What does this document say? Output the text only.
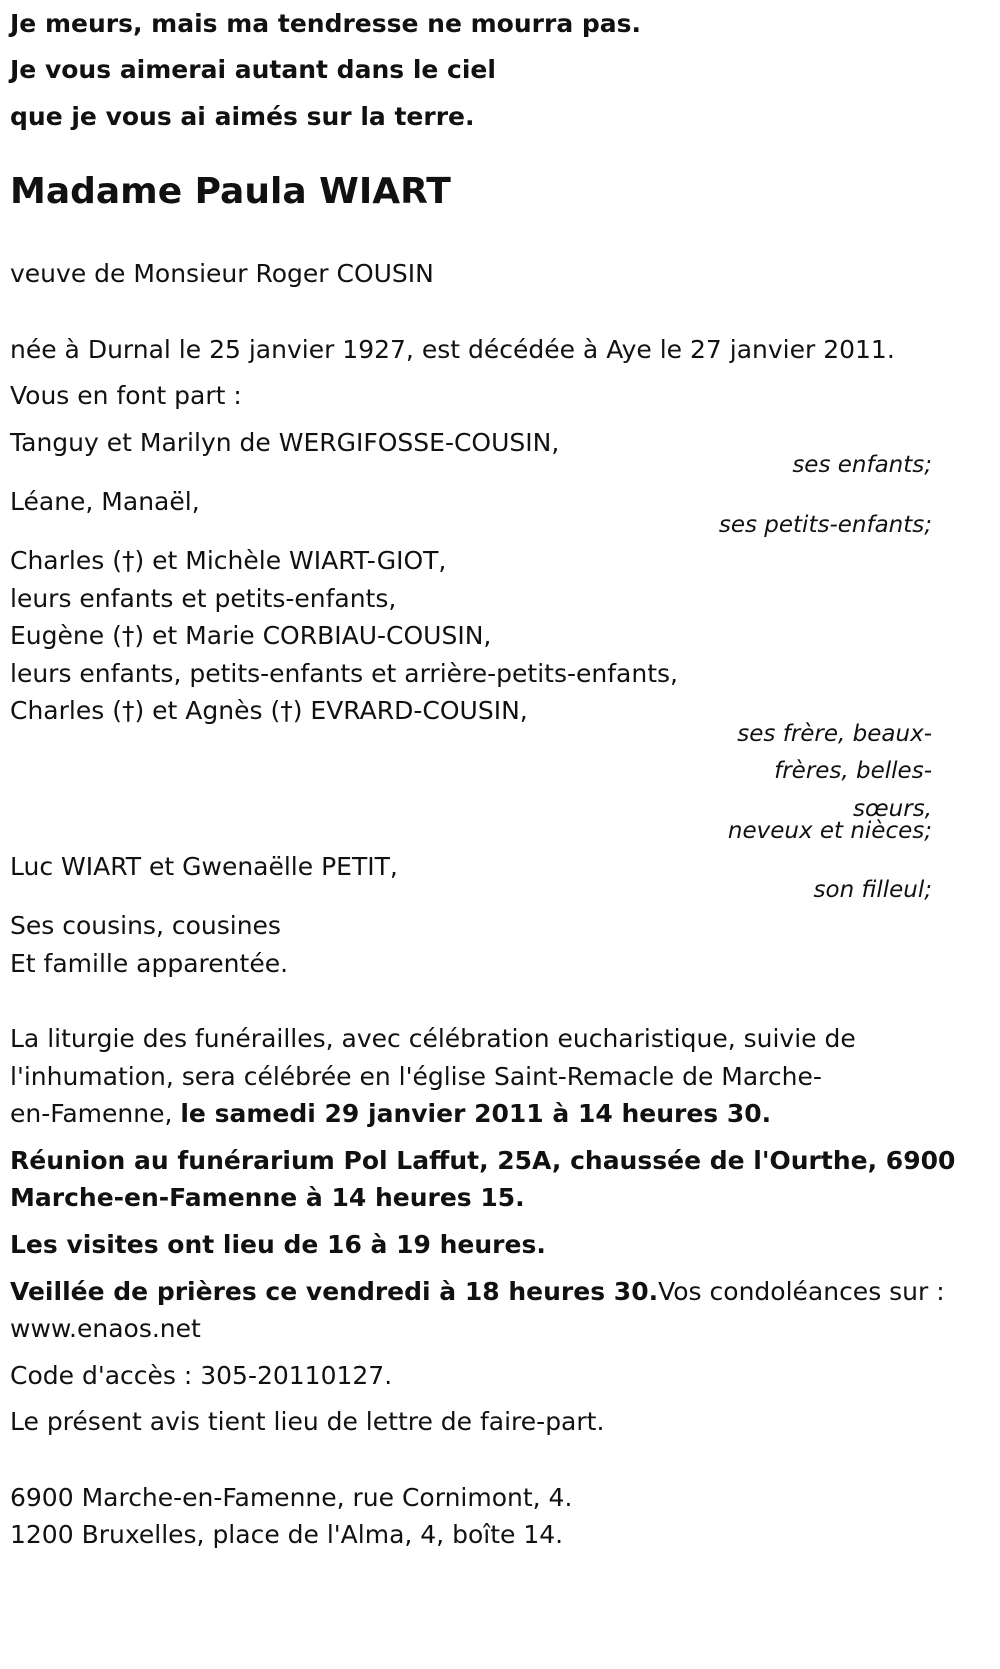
Je meurs, mais ma tendresse ne mourra pas.

Je vous aimerai autant dans le ciel

que je vous ai aimés sur la terre.

Madame Paula WIART

veuve de Monsieur Roger COUSIN

née à Durnal le 25 janvier 1927, est décédée à Aye le 27 janvier 2011.

Vous en font part :

Tanguy et Marilyn de WERGIFOSSE-COUSIN,

ses enfants;

Léane, Manaël,

ses petits-enfants;

Charles (†) et Michèle WIART-GIOT,

leurs enfants et petits-enfants,

Eugène (†) et Marie CORBIAU-COUSIN,

leurs enfants, petits-enfants et arrière-petits-enfants,

Charles (†) et Agnès (†) EVRARD-COUSIN,

ses frère, beaux-

frères, belles-

sœurs,

neveux et nièces;

Luc WIART et Gwenaëlle PETIT,

son filleul;

Ses cousins, cousines

Et famille apparentée.

La liturgie des funérailles, avec célébration eucharistique, suivie de

l'inhumation, sera célébrée en l'église Saint-Remacle de Marche-

en-Famenne, le samedi 29 janvier 2011 à 14 heures 30.

Réunion au funérarium Pol Laffut, 25A, chaussée de l'Ourthe, 6900

Marche-en-Famenne à 14 heures 15.

Les visites ont lieu de 16 à 19 heures.

Veillée de prières ce vendredi à 18 heures 30.Vos condoléances sur :

www.enaos.net

Code d'accès : 305-20110127.

Le présent avis tient lieu de lettre de faire-part.

6900 Marche-en-Famenne, rue Cornimont, 4.

1200 Bruxelles, place de l'Alma, 4, boîte 14.
